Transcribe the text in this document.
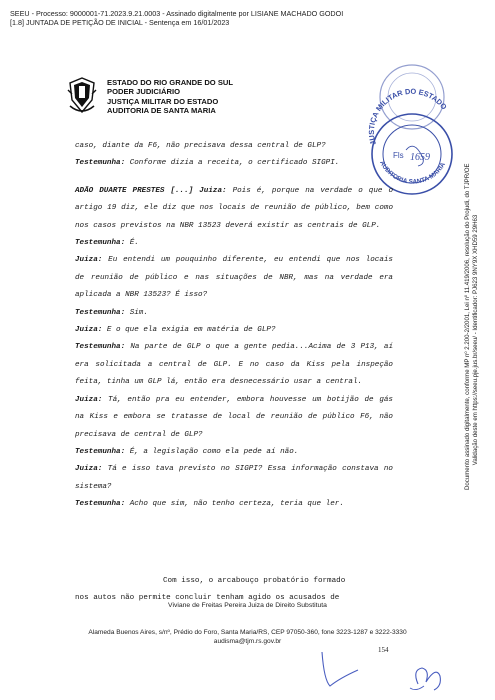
SEEU - Processo: 9000001-71.2023.9.21.0003 - Assinado digitalmente por LISIANE MACHADO GODOI
[1.8] JUNTADA DE PETIÇÃO DE INICIAL - Sentença em 16/01/2023
ESTADO DO RIO GRANDE DO SUL
PODER JUDICIÁRIO
JUSTIÇA MILITAR DO ESTADO
AUDITORIA DE SANTA MARIA
JUSTIÇA MILITAR DO ESTADO
AUDITORIA SANTA MARIA
Fls 1659

caso, diante da F6, não precisava dessa central de GLP?

Testemunha: Conforme dizia a receita, o certificado SIGPI.

ADÃO DUARTE PRESTES [...] Juiza: Pois é, porque na verdade o que o artigo 19 diz, ele diz que nos locais de reunião de público, bem como nos casos previstos na NBR 13523 deverá existir as centrais de GLP.

Testemunha: É.

Juiza: Eu entendi um pouquinho diferente, eu entendi que nos locais de reunião de público e nas situações de NBR, mas na verdade era aplicada a NBR 13523? É isso?

Testemunha: Sim.

Juiza: E o que ela exigia em matéria de GLP?

Testemunha: Na parte de GLP o que a gente pedia...Acima de 3 P13, aí era solicitada a central de GLP. E no caso da Kiss pela inspeção feita, tinha um GLP lá, então era desnecessário usar a central.

Juiza: Tá, então pra eu entender, embora houvesse um botijão de gás na Kiss e embora se tratasse de local de reunião de público F6, não precisava de central de GLP?

Testemunha: É, a legislação como ela pede aí não.

Juiza: Tá e isso tava previsto no SIGPI? Essa informação constava no sistema?

Testemunha: Acho que sim, não tenho certeza, teria que ler.

Com isso, o arcabouço probatório formado
nos autos não permite concluir tenham agido os acusados de
Viviane de Freitas Pereira Juiza de Direito Substituta
Alameda Buenos Aires, s/nº, Prédio do Foro, Santa Maria/RS, CEP 97050-360, fone 3223-1287 e 3222-3330
audisma@tjm.rs.gov.br
154
Documento assinado digitalmente, conforme MP nº 2.200-2/2001, Lei nº 11.419/2006, resolução do Projudi, do TJPR/OE Validação deste em https://seeu.pje.jus.br/seeu/ - Identificador: PJ623 9NY9X XHD59 29H63
